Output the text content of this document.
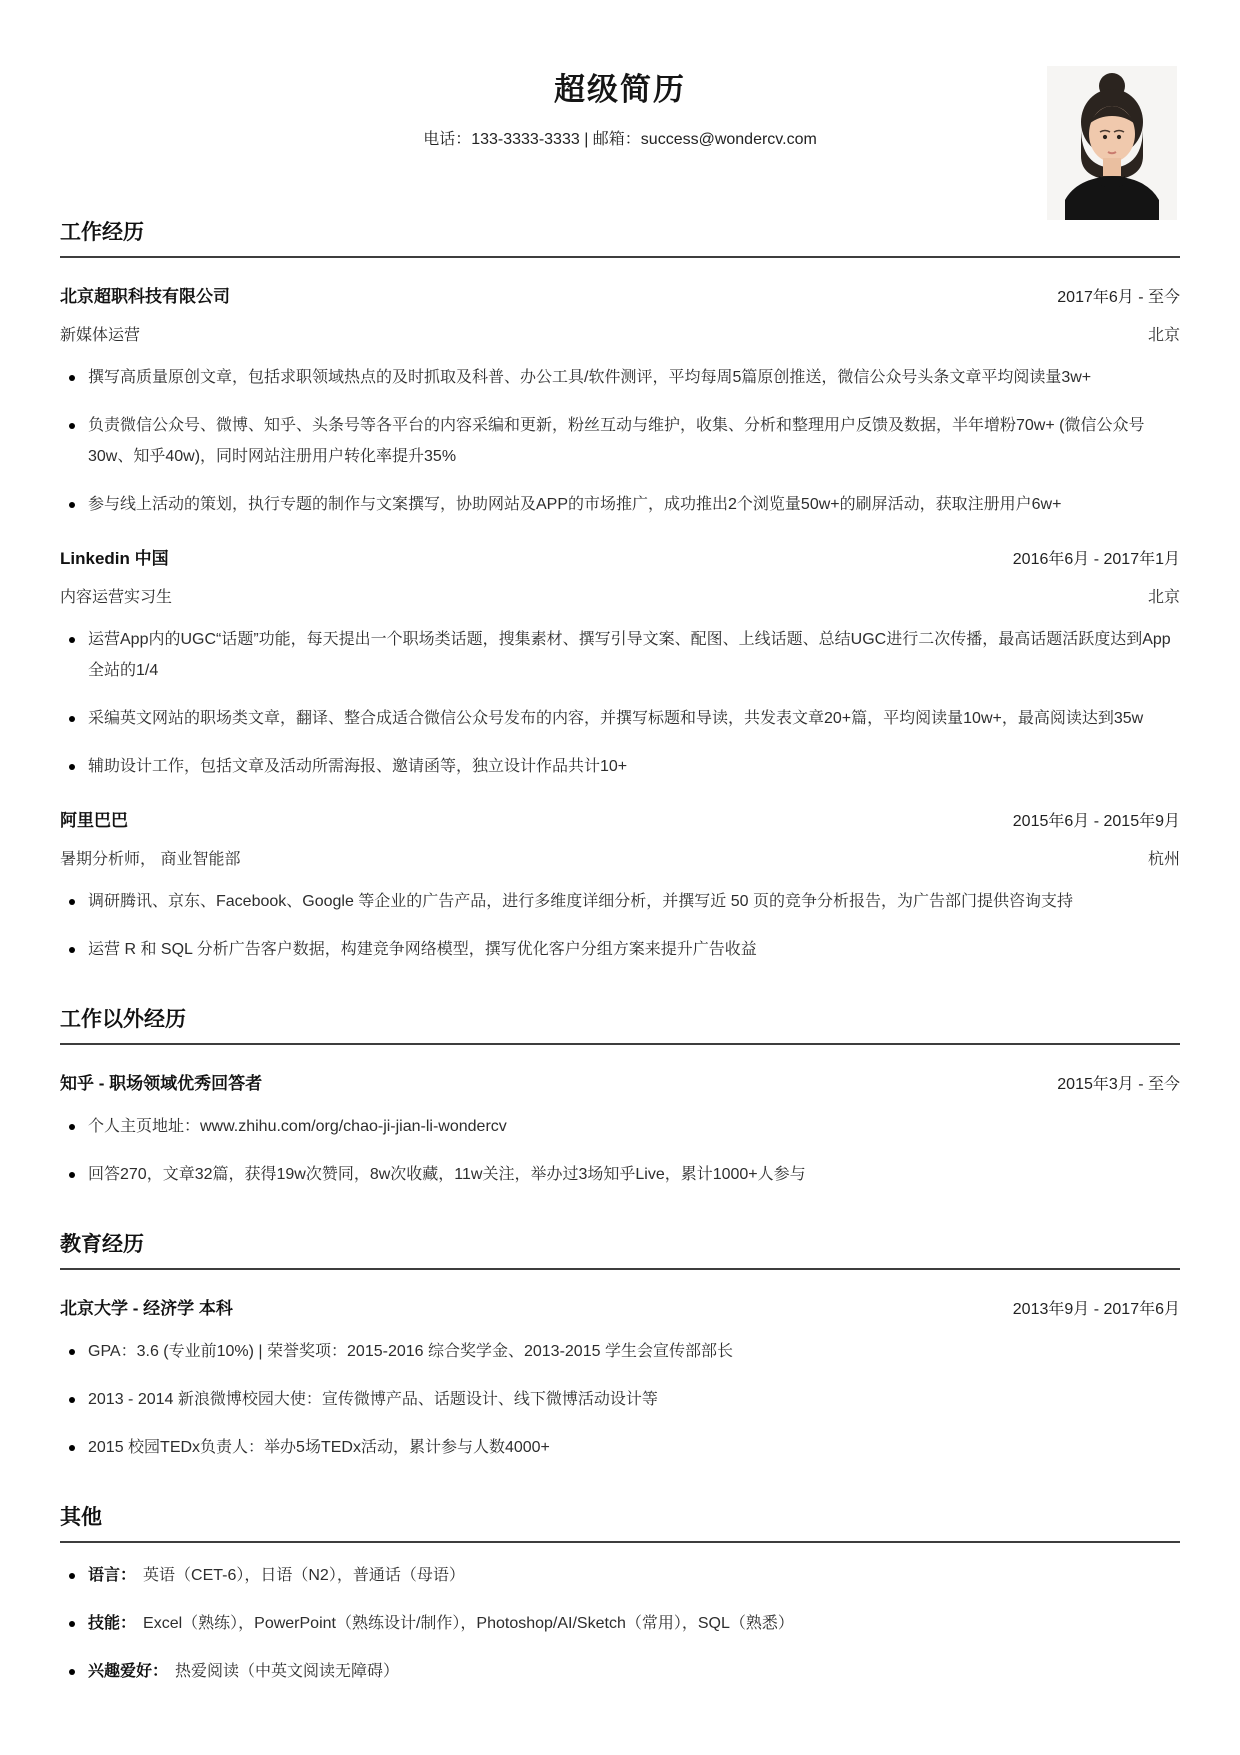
超级简历
电话：133-3333-3333 | 邮箱：success@wondercv.com
工作经历
北京超职科技有限公司	2017年6月 - 至今
新媒体运营	北京
撰写高质量原创文章，包括求职领域热点的及时抓取及科普、办公工具/软件测评，平均每周5篇原创推送，微信公众号头条文章平均阅读量3w+
负责微信公众号、微博、知乎、头条号等各平台的内容采编和更新，粉丝互动与维护，收集、分析和整理用户反馈及数据，半年增粉70w+ (微信公众号30w、知乎40w)，同时网站注册用户转化率提升35%
参与线上活动的策划，执行专题的制作与文案撰写，协助网站及APP的市场推广，成功推出2个浏览量50w+的刷屏活动，获取注册用户6w+
Linkedin 中国	2016年6月 - 2017年1月
内容运营实习生	北京
运营App内的UGC“话题”功能，每天提出一个职场类话题，搜集素材、撰写引导文案、配图、上线话题、总结UGC进行二次传播，最高话题活跃度达到App全站的1/4
采编英文网站的职场类文章，翻译、整合成适合微信公众号发布的内容，并撰写标题和导读，共发表文章20+篇，平均阅读量10w+，最高阅读达到35w
辅助设计工作，包括文章及活动所需海报、邀请函等，独立设计作品共计10+
阿里巴巴	2015年6月 - 2015年9月
暑期分析师， 商业智能部	杭州
调研腾讯、京东、Facebook、Google 等企业的广告产品，进行多维度详细分析，并撰写近 50 页的竞争分析报告，为广告部门提供咨询支持
运营 R 和 SQL 分析广告客户数据，构建竞争网络模型，撰写优化客户分组方案来提升广告收益
工作以外经历
知乎 - 职场领域优秀回答者	2015年3月 - 至今
个人主页地址：www.zhihu.com/org/chao-ji-jian-li-wondercv
回答270，文章32篇，获得19w次赞同，8w次收藏，11w关注，举办过3场知乎Live，累计1000+人参与
教育经历
北京大学 - 经济学 本科	2013年9月 - 2017年6月
GPA：3.6 (专业前10%) | 荣誉奖项：2015-2016 综合奖学金、2013-2015 学生会宣传部部长
2013 - 2014 新浪微博校园大使：宣传微博产品、话题设计、线下微博活动设计等
2015 校园TEDx负责人：举办5场TEDx活动，累计参与人数4000+
其他
语言： 英语（CET-6），日语（N2），普通话（母语）
技能： Excel（熟练），PowerPoint（熟练设计/制作），Photoshop/AI/Sketch（常用），SQL（熟悉）
兴趣爱好： 热爱阅读（中英文阅读无障碍）
